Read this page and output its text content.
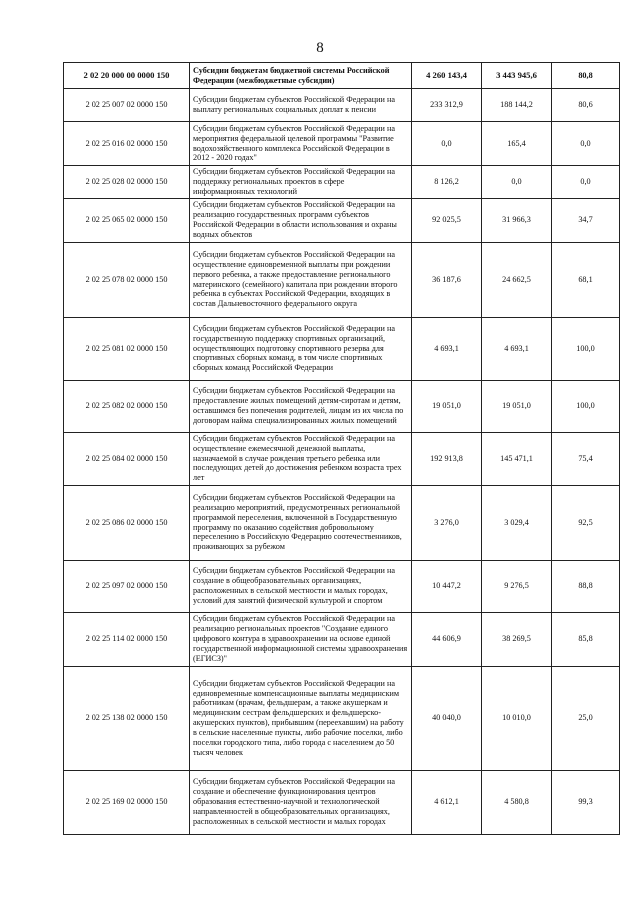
8
2 02 20 000 00 0000 150	Субсидии бюджетам бюджетной системы Российской Федерации (межбюджетные субсидии)	4 260 143,4	3 443 945,6	80,8
2 02 25 007 02 0000 150	Субсидии бюджетам субъектов Российской Федерации на выплату региональных социальных доплат к пенсии	233 312,9	188 144,2	80,6
2 02 25 016 02 0000 150	Субсидии бюджетам субъектов Российской Федерации на мероприятия федеральной целевой программы "Развитие водохозяйственного комплекса Российской Федерации в 2012 - 2020 годах"	0,0	165,4	0,0
2 02 25 028 02 0000 150	Субсидии бюджетам субъектов Российской Федерации на поддержку региональных проектов в сфере информационных технологий	8 126,2	0,0	0,0
2 02 25 065 02 0000 150	Субсидии бюджетам субъектов Российской Федерации на реализацию государственных программ субъектов Российской Федерации в области использования и охраны водных объектов	92 025,5	31 966,3	34,7
2 02 25 078 02 0000 150	Субсидии бюджетам субъектов Российской Федерации на осуществление единовременной выплаты при рождении первого ребенка, а также предоставление регионального материнского (семейного) капитала при рождении второго ребенка в субъектах Российской Федерации, входящих в состав Дальневосточного федерального округа	36 187,6	24 662,5	68,1
2 02 25 081 02 0000 150	Субсидии бюджетам субъектов Российской Федерации на государственную поддержку спортивных организаций, осуществляющих подготовку спортивного резерва для спортивных сборных команд, в том числе спортивных сборных команд Российской Федерации	4 693,1	4 693,1	100,0
2 02 25 082 02 0000 150	Субсидии бюджетам субъектов Российской Федерации на предоставление жилых помещений детям-сиротам и детям, оставшимся без попечения родителей, лицам из их числа по договорам найма специализированных жилых помещений	19 051,0	19 051,0	100,0
2 02 25 084 02 0000 150	Субсидии бюджетам субъектов Российской Федерации на осуществление ежемесячной денежной выплаты, назначаемой в случае рождения третьего ребенка или последующих детей до достижения ребенком возраста трех лет	192 913,8	145 471,1	75,4
2 02 25 086 02 0000 150	Субсидии бюджетам субъектов Российской Федерации на реализацию мероприятий, предусмотренных региональной программой переселения, включенной в Государственную программу по оказанию содействия добровольному переселению в Российскую Федерацию соотечественников, проживающих за рубежом	3 276,0	3 029,4	92,5
2 02 25 097 02 0000 150	Субсидии бюджетам субъектов Российской Федерации на создание в общеобразовательных организациях, расположенных в сельской местности и малых городах, условий для занятий физической культурой и спортом	10 447,2	9 276,5	88,8
2 02 25 114 02 0000 150	Субсидии бюджетам субъектов Российской Федерации на реализацию региональных проектов "Создание единого цифрового контура в здравоохранении на основе единой государственной информационной системы здравоохранения (ЕГИСЗ)"	44 606,9	38 269,5	85,8
2 02 25 138 02 0000 150	Субсидии бюджетам субъектов Российской Федерации на единовременные компенсационные выплаты медицинским работникам (врачам, фельдшерам, а также акушеркам и медицинским сестрам фельдшерских и фельдшерско-акушерских пунктов), прибывшим (переехавшим) на работу в сельские населенные пункты, либо рабочие поселки, либо поселки городского типа, либо города с населением до 50 тысяч человек	40 040,0	10 010,0	25,0
2 02 25 169 02 0000 150	Субсидии бюджетам субъектов Российской Федерации на создание и обеспечение функционирования центров образования естественно-научной и технологической направленностей в общеобразовательных организациях, расположенных в сельской местности и малых городах	4 612,1	4 580,8	99,3
